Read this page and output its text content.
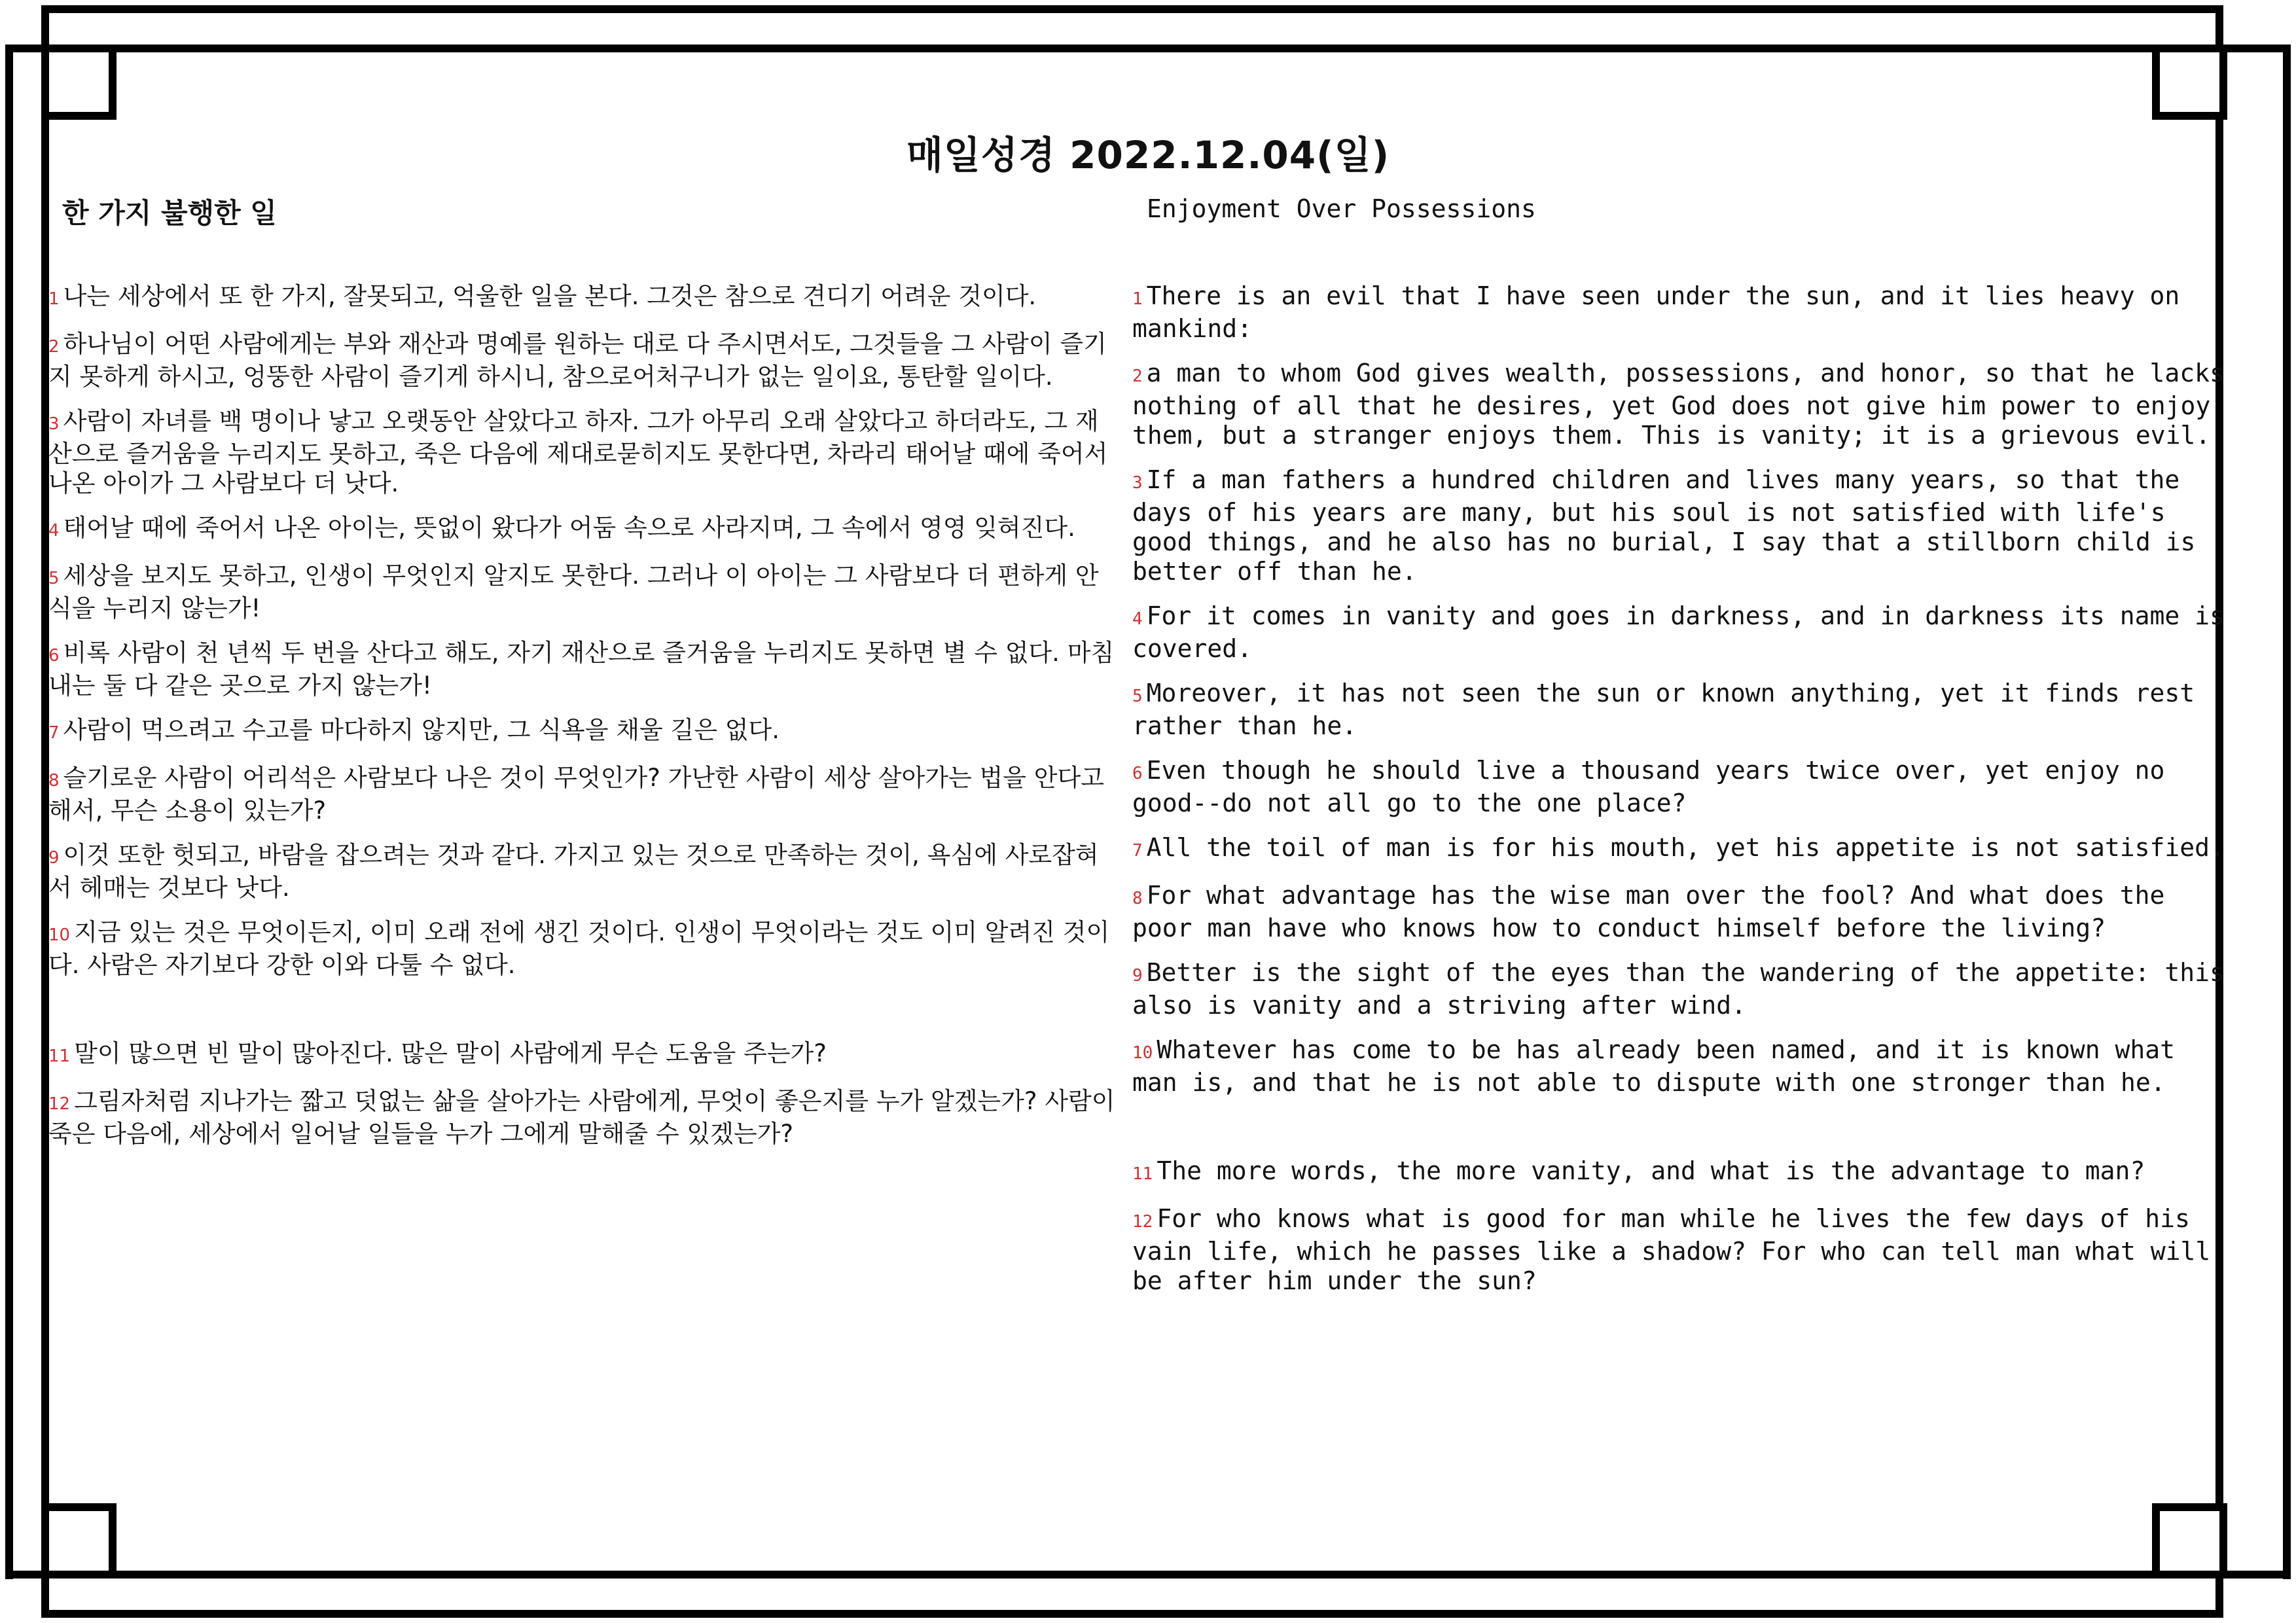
매일성경 2022.12.04(일)
한 가지 불행한 일	Enjoyment Over Possessions

1 나는 세상에서 또 한 가지, 잘못되고, 억울한 일을 본다. 그것은 참으로 견디기 어려운 것이다.

2 하나님이 어떤 사람에게는 부와 재산과 명예를 원하는 대로 다 주시면서도, 그것들을 그 사람이 즐기지 못하게 하시고, 엉뚱한 사람이 즐기게 하시니, 참으로어처구니가 없는 일이요, 통탄할 일이다.

3 사람이 자녀를 백 명이나 낳고 오랫동안 살았다고 하자. 그가 아무리 오래 살았다고 하더라도, 그 재산으로 즐거움을 누리지도 못하고, 죽은 다음에 제대로묻히지도 못한다면, 차라리 태어날 때에 죽어서 나온 아이가 그 사람보다 더 낫다.

4 태어날 때에 죽어서 나온 아이는, 뜻없이 왔다가 어둠 속으로 사라지며, 그 속에서 영영 잊혀진다.

5 세상을 보지도 못하고, 인생이 무엇인지 알지도 못한다. 그러나 이 아이는 그 사람보다 더 편하게 안식을 누리지 않는가!

6 비록 사람이 천 년씩 두 번을 산다고 해도, 자기 재산으로 즐거움을 누리지도 못하면 별 수 없다. 마침내는 둘 다 같은 곳으로 가지 않는가!

7 사람이 먹으려고 수고를 마다하지 않지만, 그 식욕을 채울 길은 없다.

8 슬기로운 사람이 어리석은 사람보다 나은 것이 무엇인가? 가난한 사람이 세상 살아가는 법을 안다고 해서, 무슨 소용이 있는가?

9 이것 또한 헛되고, 바람을 잡으려는 것과 같다. 가지고 있는 것으로 만족하는 것이, 욕심에 사로잡혀서 헤매는 것보다 낫다.

10 지금 있는 것은 무엇이든지, 이미 오래 전에 생긴 것이다. 인생이 무엇이라는 것도 이미 알려진 것이다. 사람은 자기보다 강한 이와 다툴 수 없다.

11 말이 많으면 빈 말이 많아진다. 많은 말이 사람에게 무슨 도움을 주는가?

12 그림자처럼 지나가는 짧고 덧없는 삶을 살아가는 사람에게, 무엇이 좋은지를 누가 알겠는가? 사람이 죽은 다음에, 세상에서 일어날 일들을 누가 그에게 말해줄 수 있겠는가?

1 There is an evil that I have seen under the sun, and it lies heavy on mankind:

2 a man to whom God gives wealth, possessions, and honor, so that he lacks nothing of all that he desires, yet God does not give him power to enjoy them, but a stranger enjoys them. This is vanity; it is a grievous evil.

3 If a man fathers a hundred children and lives many years, so that the days of his years are many, but his soul is not satisfied with life's good things, and he also has no burial, I say that a stillborn child is better off than he.

4 For it comes in vanity and goes in darkness, and in darkness its name is covered.

5 Moreover, it has not seen the sun or known anything, yet it finds rest rather than he.

6 Even though he should live a thousand years twice over, yet enjoy no good--do not all go to the one place?

7 All the toil of man is for his mouth, yet his appetite is not satisfied.

8 For what advantage has the wise man over the fool? And what does the poor man have who knows how to conduct himself before the living?

9 Better is the sight of the eyes than the wandering of the appetite: this also is vanity and a striving after wind.

10 Whatever has come to be has already been named, and it is known what man is, and that he is not able to dispute with one stronger than he.

11 The more words, the more vanity, and what is the advantage to man?

12 For who knows what is good for man while he lives the few days of his vain life, which he passes like a shadow? For who can tell man what will be after him under the sun?
